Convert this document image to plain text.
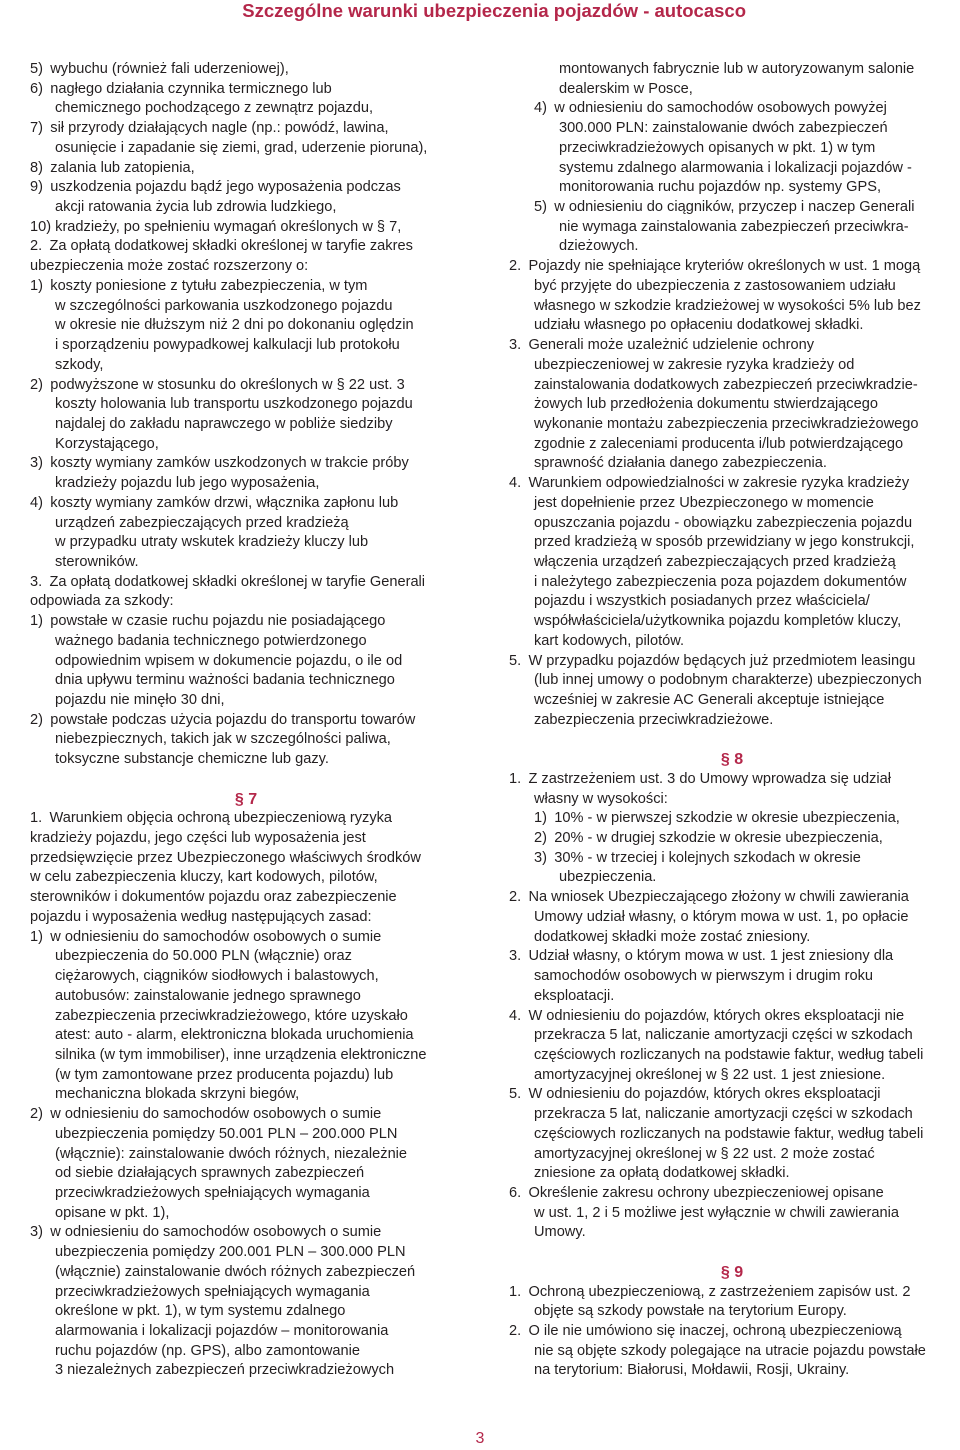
Szczególne warunki ubezpieczenia pojazdów - autocasco
5) wybuchu (również fali uderzeniowej),
6) nagłego działania czynnika termicznego lub
chemicznego pochodzącego z zewnątrz pojazdu,
7) sił przyrody działających nagle (np.: powódź, lawina,
osunięcie i zapadanie się ziemi, grad, uderzenie pioruna),
8) zalania lub zatopienia,
9) uszkodzenia pojazdu bądź jego wyposażenia podczas
akcji ratowania życia lub zdrowia ludzkiego,
10) kradzieży, po spełnieniu wymagań określonych w § 7,
2. Za opłatą dodatkowej składki określonej w taryfie zakres
ubezpieczenia może zostać rozszerzony o:
1) koszty poniesione z tytułu zabezpieczenia, w tym
w szczególności parkowania uszkodzonego pojazdu
w okresie nie dłuższym niż 2 dni po dokonaniu oględzin
i sporządzeniu powypadkowej kalkulacji lub protokołu
szkody,
2) podwyższone w stosunku do określonych w § 22 ust. 3
koszty holowania lub transportu uszkodzonego pojazdu
najdalej do zakładu naprawczego w pobliże siedziby
Korzystającego,
3) koszty wymiany zamków uszkodzonych w trakcie próby
kradzieży pojazdu lub jego wyposażenia,
4) koszty wymiany zamków drzwi, włącznika zapłonu lub
urządzeń zabezpieczających przed kradzieżą
w przypadku utraty wskutek kradzieży kluczy lub
sterowników.
3. Za opłatą dodatkowej składki określonej w taryfie Generali
odpowiada za szkody:
1) powstałe w czasie ruchu pojazdu nie posiadającego
ważnego badania technicznego potwierdzonego
odpowiednim wpisem w dokumencie pojazdu, o ile od
dnia upływu terminu ważności badania technicznego
pojazdu nie minęło 30 dni,
2) powstałe podczas użycia pojazdu do transportu towarów
niebezpiecznych, takich jak w szczególności paliwa,
toksyczne substancje chemiczne lub gazy.
§ 7
1. Warunkiem objęcia ochroną ubezpieczeniową ryzyka
kradzieży pojazdu, jego części lub wyposażenia jest
przedsięwzięcie przez Ubezpieczonego właściwych środków
w celu zabezpieczenia kluczy, kart kodowych, pilotów,
sterowników i dokumentów pojazdu oraz zabezpieczenie
pojazdu i wyposażenia według następujących zasad:
1) w odniesieniu do samochodów osobowych o sumie
ubezpieczenia do 50.000 PLN (włącznie) oraz
ciężarowych, ciągników siodłowych i balastowych,
autobusów: zainstalowanie jednego sprawnego
zabezpieczenia przeciwkradzieżowego, które uzyskało
atest: auto - alarm, elektroniczna blokada uruchomienia
silnika (w tym immobiliser), inne urządzenia elektroniczne
(w tym zamontowane przez producenta pojazdu) lub
mechaniczna blokada skrzyni biegów,
2) w odniesieniu do samochodów osobowych o sumie
ubezpieczenia pomiędzy 50.001 PLN – 200.000 PLN
(włącznie): zainstalowanie dwóch różnych, niezależnie
od siebie działających sprawnych zabezpieczeń
przeciwkradzieżowych spełniających wymagania
opisane w pkt. 1),
3) w odniesieniu do samochodów osobowych o sumie
ubezpieczenia pomiędzy 200.001 PLN – 300.000 PLN
(włącznie) zainstalowanie dwóch różnych zabezpieczeń
przeciwkradzieżowych spełniających wymagania
określone w pkt. 1), w tym systemu zdalnego
alarmowania i lokalizacji pojazdów – monitorowania
ruchu pojazdów (np. GPS), albo zamontowanie
3 niezależnych zabezpieczeń przeciwkradzieżowych
montowanych fabrycznie lub w autoryzowanym salonie
dealerskim w Posce,
4) w odniesieniu do samochodów osobowych powyżej
300.000 PLN: zainstalowanie dwóch zabezpieczeń
przeciwkradzieżowych opisanych w pkt. 1) w tym
systemu zdalnego alarmowania i lokalizacji pojazdów -
monitorowania ruchu pojazdów np. systemy GPS,
5) w odniesieniu do ciągników, przyczep i naczep Generali
nie wymaga zainstalowania zabezpieczeń przeciwkra-
dzieżowych.
2. Pojazdy nie spełniające kryteriów określonych w ust. 1 mogą
być przyjęte do ubezpieczenia z zastosowaniem udziału
własnego w szkodzie kradzieżowej w wysokości 5% lub bez
udziału własnego po opłaceniu dodatkowej składki.
3. Generali może uzależnić udzielenie ochrony
ubezpieczeniowej w zakresie ryzyka kradzieży od
zainstalowania dodatkowych zabezpieczeń przeciwkradzie-
żowych lub przedłożenia dokumentu stwierdzającego
wykonanie montażu zabezpieczenia przeciwkradzieżowego
zgodnie z zaleceniami producenta i/lub potwierdzającego
sprawność działania danego zabezpieczenia.
4. Warunkiem odpowiedzialności w zakresie ryzyka kradzieży
jest dopełnienie przez Ubezpieczonego w momencie
opuszczania pojazdu - obowiązku zabezpieczenia pojazdu
przed kradzieżą w sposób przewidziany w jego konstrukcji,
włączenia urządzeń zabezpieczających przed kradzieżą
i należytego zabezpieczenia poza pojazdem dokumentów
pojazdu i wszystkich posiadanych przez właściciela/
współwłaściciela/użytkownika pojazdu kompletów kluczy,
kart kodowych, pilotów.
5. W przypadku pojazdów będących już przedmiotem leasingu
(lub innej umowy o podobnym charakterze) ubezpieczonych
wcześniej w zakresie AC Generali akceptuje istniejące
zabezpieczenia przeciwkradzieżowe.
§ 8
1. Z zastrzeżeniem ust. 3 do Umowy wprowadza się udział
własny w wysokości:
1) 10% - w pierwszej szkodzie w okresie ubezpieczenia,
2) 20% - w drugiej szkodzie w okresie ubezpieczenia,
3) 30% - w trzeciej i kolejnych szkodach w okresie
ubezpieczenia.
2. Na wniosek Ubezpieczającego złożony w chwili zawierania
Umowy udział własny, o którym mowa w ust. 1, po opłacie
dodatkowej składki może zostać zniesiony.
3. Udział własny, o którym mowa w ust. 1 jest zniesiony dla
samochodów osobowych w pierwszym i drugim roku
eksploatacji.
4. W odniesieniu do pojazdów, których okres eksploatacji nie
przekracza 5 lat, naliczanie amortyzacji części w szkodach
częściowych rozliczanych na podstawie faktur, według tabeli
amortyzacyjnej określonej w § 22 ust. 1 jest zniesione.
5. W odniesieniu do pojazdów, których okres eksploatacji
przekracza 5 lat, naliczanie amortyzacji części w szkodach
częściowych rozliczanych na podstawie faktur, według tabeli
amortyzacyjnej określonej w § 22 ust. 2 może zostać
zniesione za opłatą dodatkowej składki.
6. Określenie zakresu ochrony ubezpieczeniowej opisane
w ust. 1, 2 i 5 możliwe jest wyłącznie w chwili zawierania
Umowy.
§ 9
1. Ochroną ubezpieczeniową, z zastrzeżeniem zapisów ust. 2
objęte są szkody powstałe na terytorium Europy.
2. O ile nie umówiono się inaczej, ochroną ubezpieczeniową
nie są objęte szkody polegające na utracie pojazdu powstałe
na terytorium: Białorusi, Mołdawii, Rosji, Ukrainy.
3
